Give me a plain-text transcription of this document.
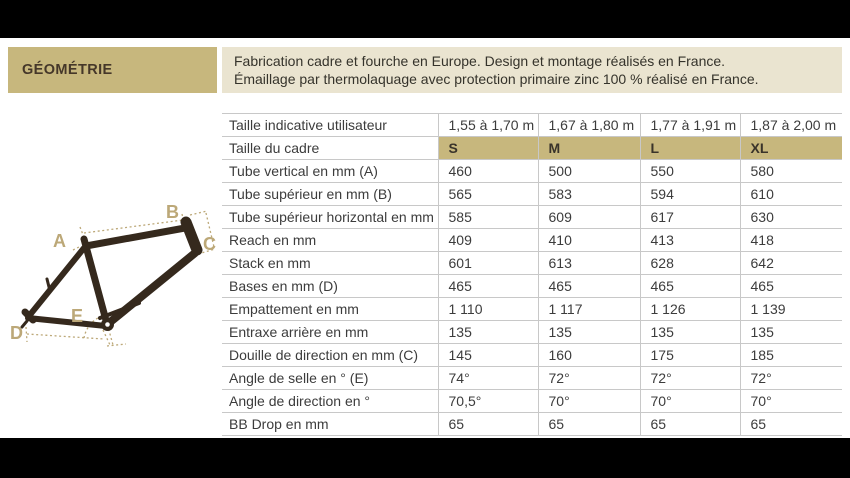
GÉOMÉTRIE
Fabrication cadre et fourche en Europe. Design et montage réalisés en France.
Émaillage par thermolaquage avec protection primaire zinc 100 % réalisé en France.
A
B
C
D
E
Taille indicative utilisateur	1,55 à 1,70 m	1,67 à 1,80 m	1,77 à 1,91 m	1,87 à 2,00 m
Taille du cadre	S	M	L	XL
Tube vertical en mm (A)	460	500	550	580
Tube supérieur en mm (B)	565	583	594	610
Tube supérieur horizontal en mm	585	609	617	630
Reach en mm	409	410	413	418
Stack en mm	601	613	628	642
Bases en mm (D)	465	465	465	465
Empattement en mm	1 110	1 117	1 126	1 139
Entraxe arrière en mm	135	135	135	135
Douille de direction en mm (C)	145	160	175	185
Angle de selle en ° (E)	74°	72°	72°	72°
Angle de direction en °	70,5°	70°	70°	70°
BB Drop en mm	65	65	65	65
